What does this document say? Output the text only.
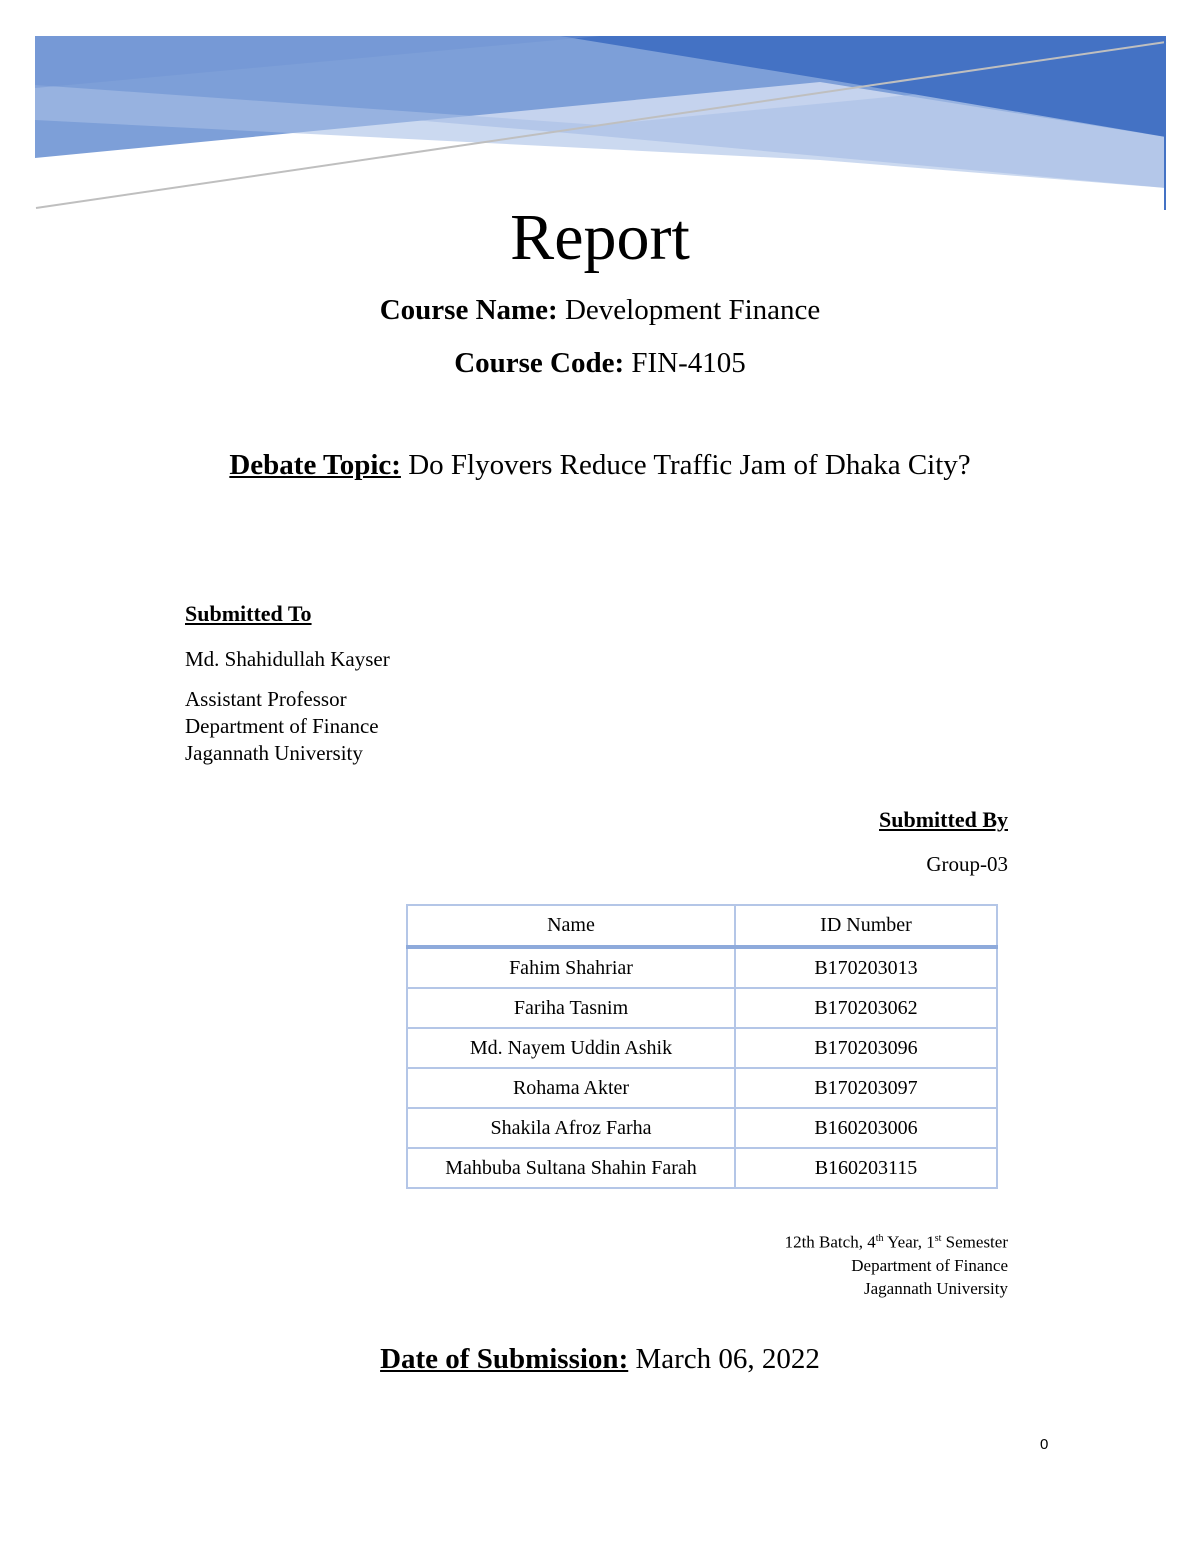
Report
Course Name: Development Finance
Course Code: FIN-4105
Debate Topic: Do Flyovers Reduce Traffic Jam of Dhaka City?
Submitted To
Md. Shahidullah Kayser
Assistant Professor
Department of Finance
Jagannath University
Submitted By
Group-03
Name	ID Number
Fahim Shahriar	B170203013
Fariha Tasnim	B170203062
Md. Nayem Uddin Ashik	B170203096
Rohama Akter	B170203097
Shakila Afroz Farha	B160203006
Mahbuba Sultana Shahin Farah	B160203115
12th Batch, 4th Year, 1st Semester
Department of Finance
Jagannath University
Date of Submission: March 06, 2022
0
